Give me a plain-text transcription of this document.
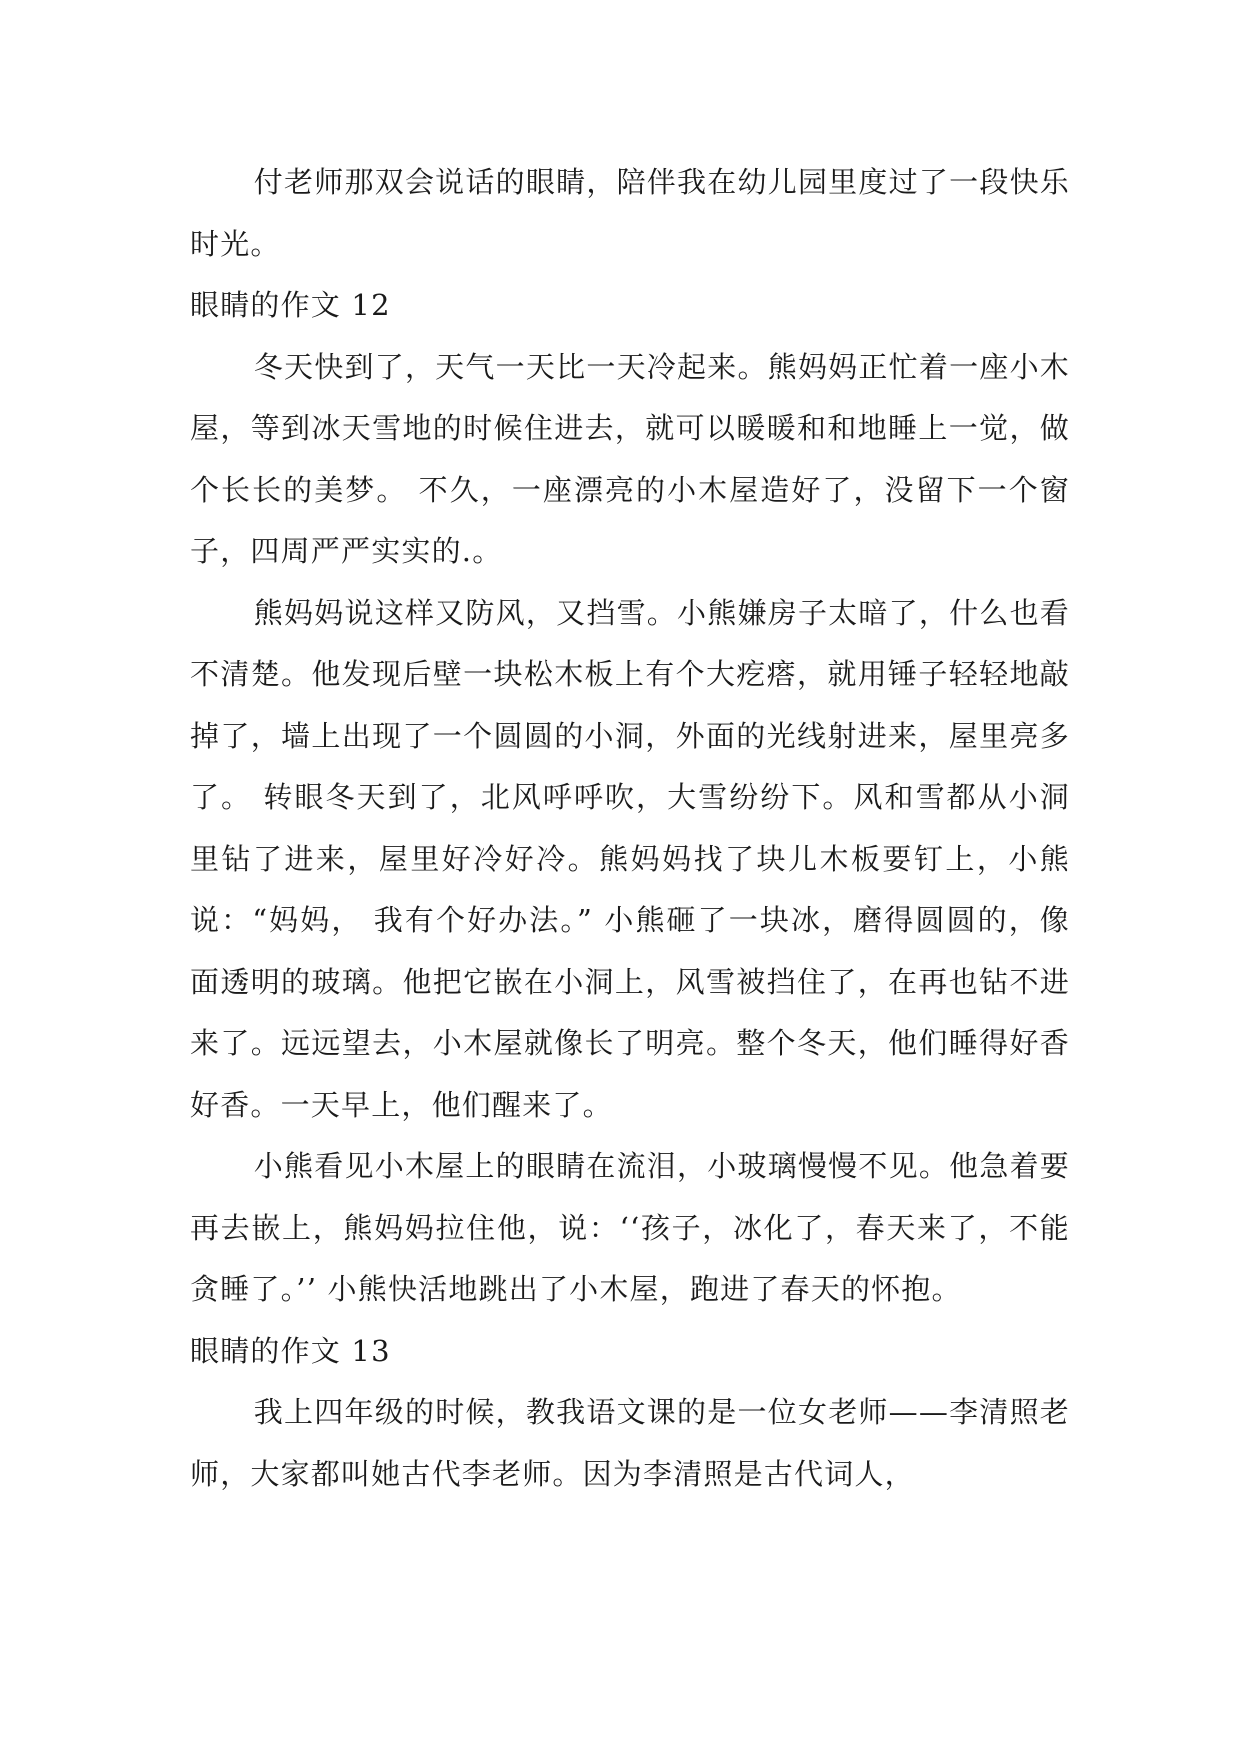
付老师那双会说话的眼睛，陪伴我在幼儿园里度过了一段快乐时光。

眼睛的作文 12

冬天快到了，天气一天比一天冷起来。熊妈妈正忙着一座小木屋，等到冰天雪地的时候住进去，就可以暖暖和和地睡上一觉，做个长长的美梦。 不久，一座漂亮的小木屋造好了，没留下一个窗子，四周严严实实的.。

熊妈妈说这样又防风，又挡雪。小熊嫌房子太暗了，什么也看不清楚。他发现后壁一块松木板上有个大疙瘩，就用锤子轻轻地敲掉了，墙上出现了一个圆圆的小洞，外面的光线射进来，屋里亮多了。 转眼冬天到了，北风呼呼吹，大雪纷纷下。风和雪都从小洞里钻了进来，屋里好冷好冷。熊妈妈找了块儿木板要钉上，小熊说：“妈妈， 我有个好办法。” 小熊砸了一块冰，磨得圆圆的，像面透明的玻璃。他把它嵌在小洞上，风雪被挡住了，在再也钻不进来了。远远望去，小木屋就像长了明亮。整个冬天，他们睡得好香好香。一天早上，他们醒来了。

小熊看见小木屋上的眼睛在流泪，小玻璃慢慢不见。他急着要再去嵌上，熊妈妈拉住他，说：‘‘孩子，冰化了，春天来了，不能贪睡了。’’ 小熊快活地跳出了小木屋，跑进了春天的怀抱。

眼睛的作文 13

我上四年级的时候，教我语文课的是一位女老师——李清照老师，大家都叫她古代李老师。因为李清照是古代词人，
